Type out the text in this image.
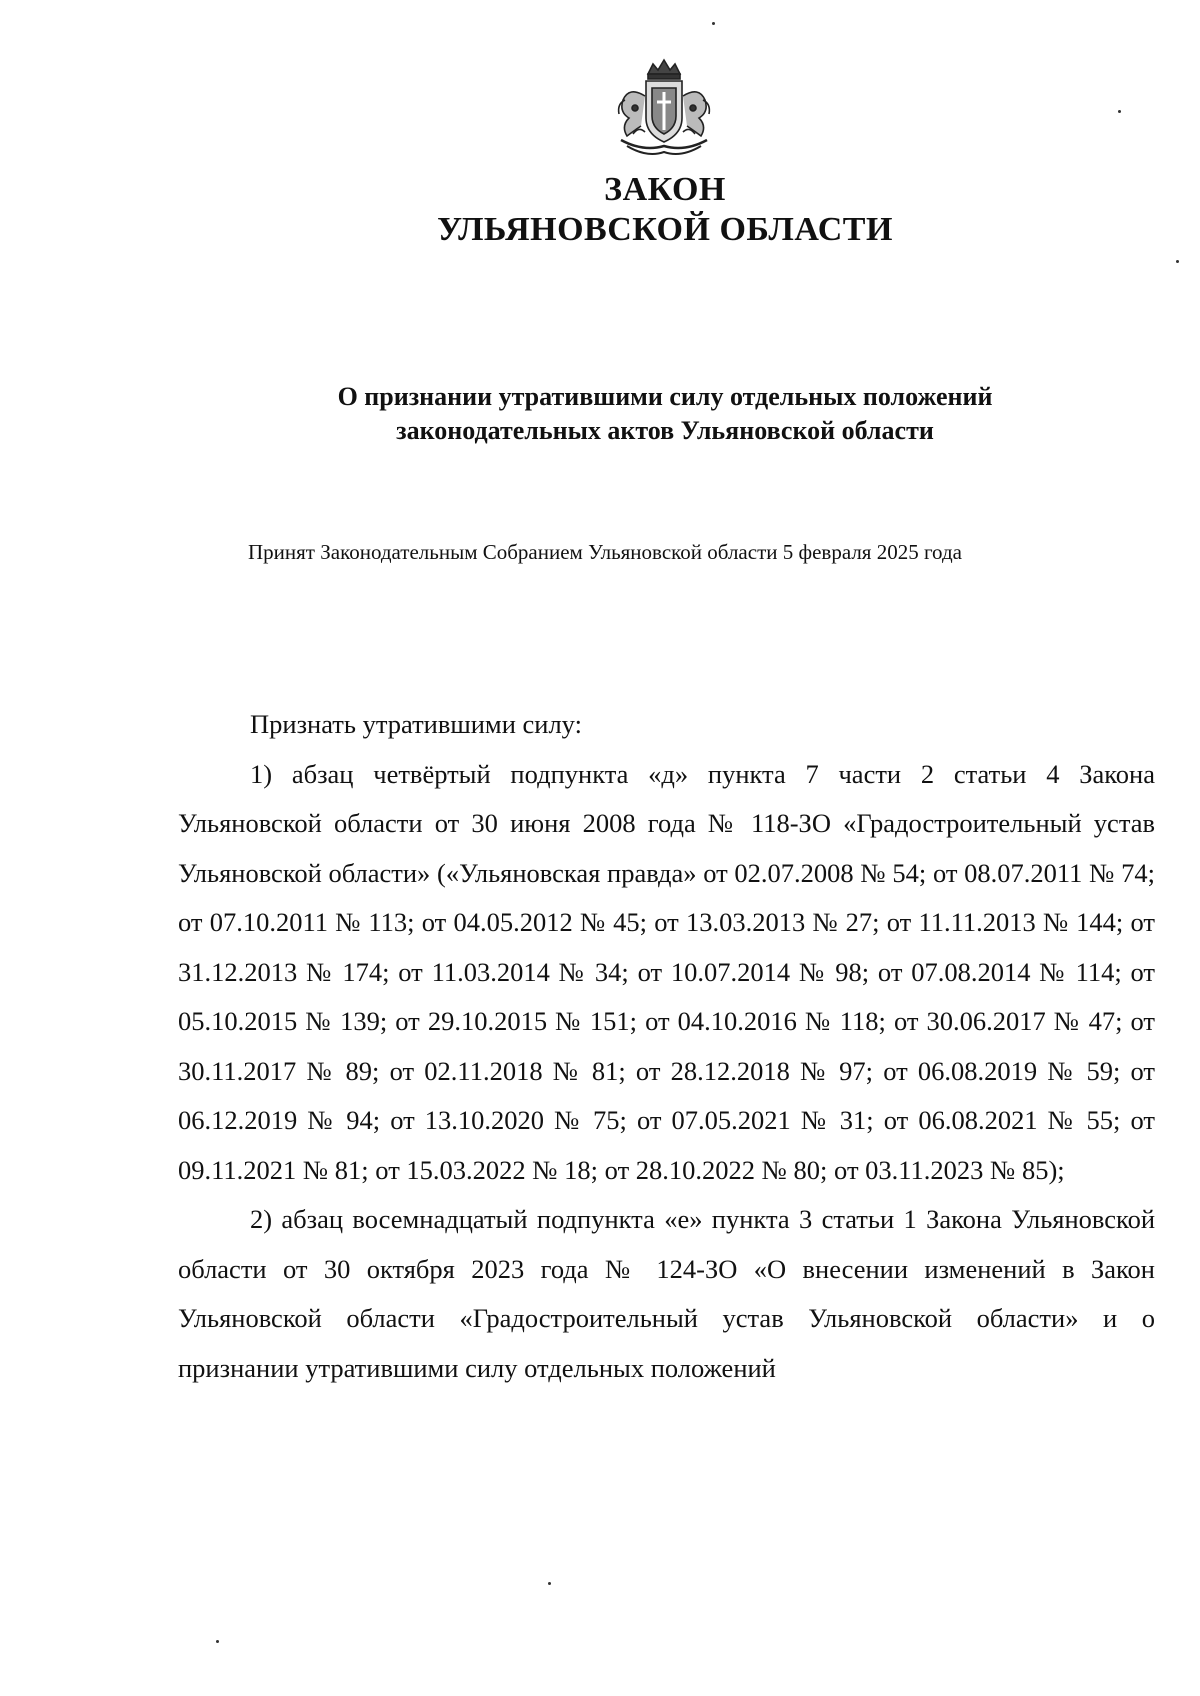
ЗАКОН
УЛЬЯНОВСКОЙ ОБЛАСТИ
О признании утратившими силу отдельных положений
законодательных актов Ульяновской области
Принят Законодательным Собранием Ульяновской области 5 февраля 2025 года
Признать утратившими силу:
1) абзац четвёртый подпункта «д» пункта 7 части 2 статьи 4 Закона Ульяновской области от 30 июня 2008 года № 118-ЗО «Градостроительный устав Ульяновской области» («Ульяновская правда» от 02.07.2008 № 54; от 08.07.2011 № 74; от 07.10.2011 № 113; от 04.05.2012 № 45; от 13.03.2013 № 27; от 11.11.2013 № 144; от 31.12.2013 № 174; от 11.03.2014 № 34; от 10.07.2014 № 98; от 07.08.2014 № 114; от 05.10.2015 № 139; от 29.10.2015 № 151; от 04.10.2016 № 118; от 30.06.2017 № 47; от 30.11.2017 № 89; от 02.11.2018 № 81; от 28.12.2018 № 97; от 06.08.2019 № 59; от 06.12.2019 № 94; от 13.10.2020 № 75; от 07.05.2021 № 31; от 06.08.2021 № 55; от 09.11.2021 № 81; от 15.03.2022 № 18; от 28.10.2022 № 80; от 03.11.2023 № 85);
2) абзац восемнадцатый подпункта «е» пункта 3 статьи 1 Закона Ульяновской области от 30 октября 2023 года № 124-ЗО «О внесении изменений в Закон Ульяновской области «Градостроительный устав Ульяновской области» и о признании утратившими силу отдельных положений
